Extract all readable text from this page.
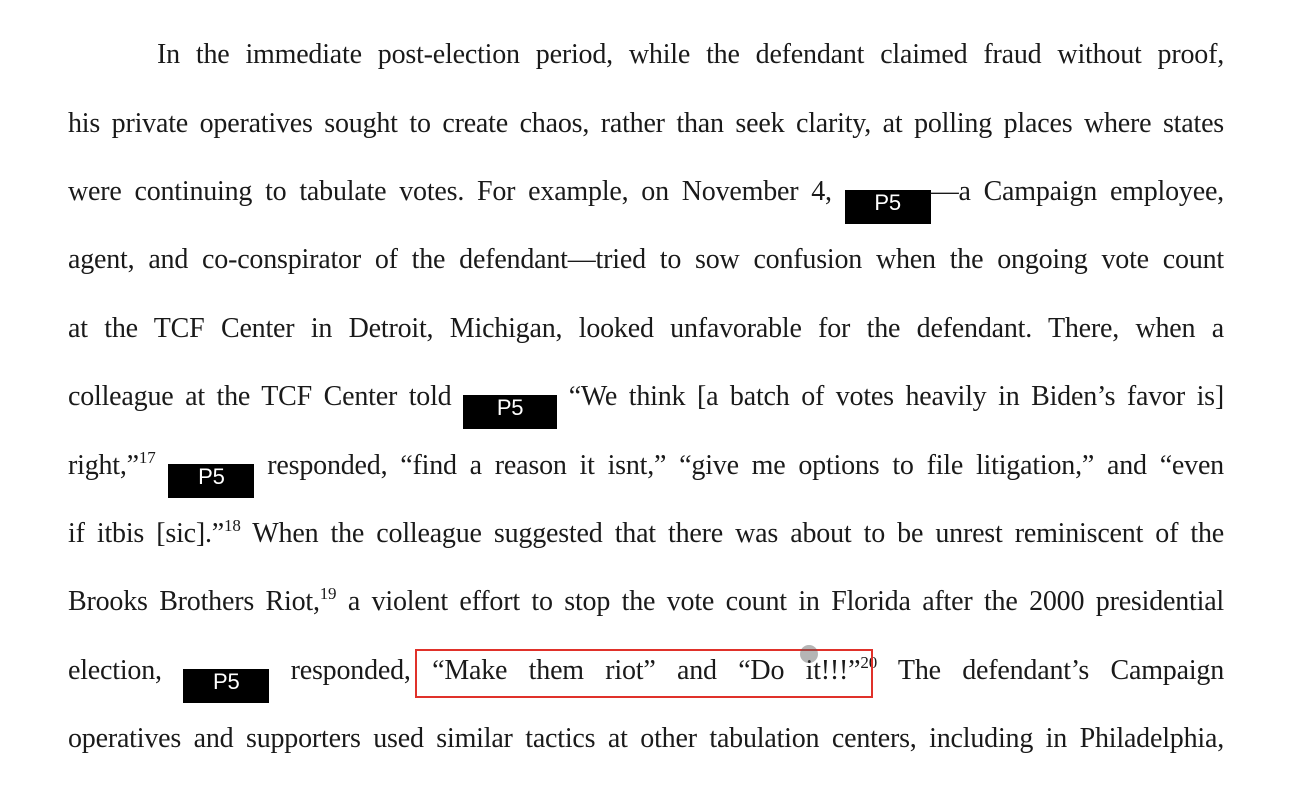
In the immediate post-election period, while the defendant claimed fraud without proof,
his private operatives sought to create chaos, rather than seek clarity, at polling places where states
were continuing to tabulate votes. For example, on November 4,	P5	—a Campaign employee,
agent, and co-conspirator of the defendant—tried to sow confusion when the ongoing vote count
at the TCF Center in Detroit, Michigan, looked unfavorable for the defendant. There, when a
colleague at the TCF Center told	P5	“We think [a batch of votes heavily in Biden’s favor is]
right,”$^{17}$
P5	responded, “find a reason it isnt,” “give me options to file litigation,” and “even
if itbis [sic].”$^{18}$ When the colleague suggested that there was about to be unrest reminiscent of the
Brooks Brothers Riot,$^{19}$ a violent effort to stop the vote count in Florida after the 2000 presidential
election,	P5	responded, “Make them riot” and “Do it!!!”$^{20}$ The defendant’s Campaign
operatives and supporters used similar tactics at other tabulation centers, including in Philadelphia,
